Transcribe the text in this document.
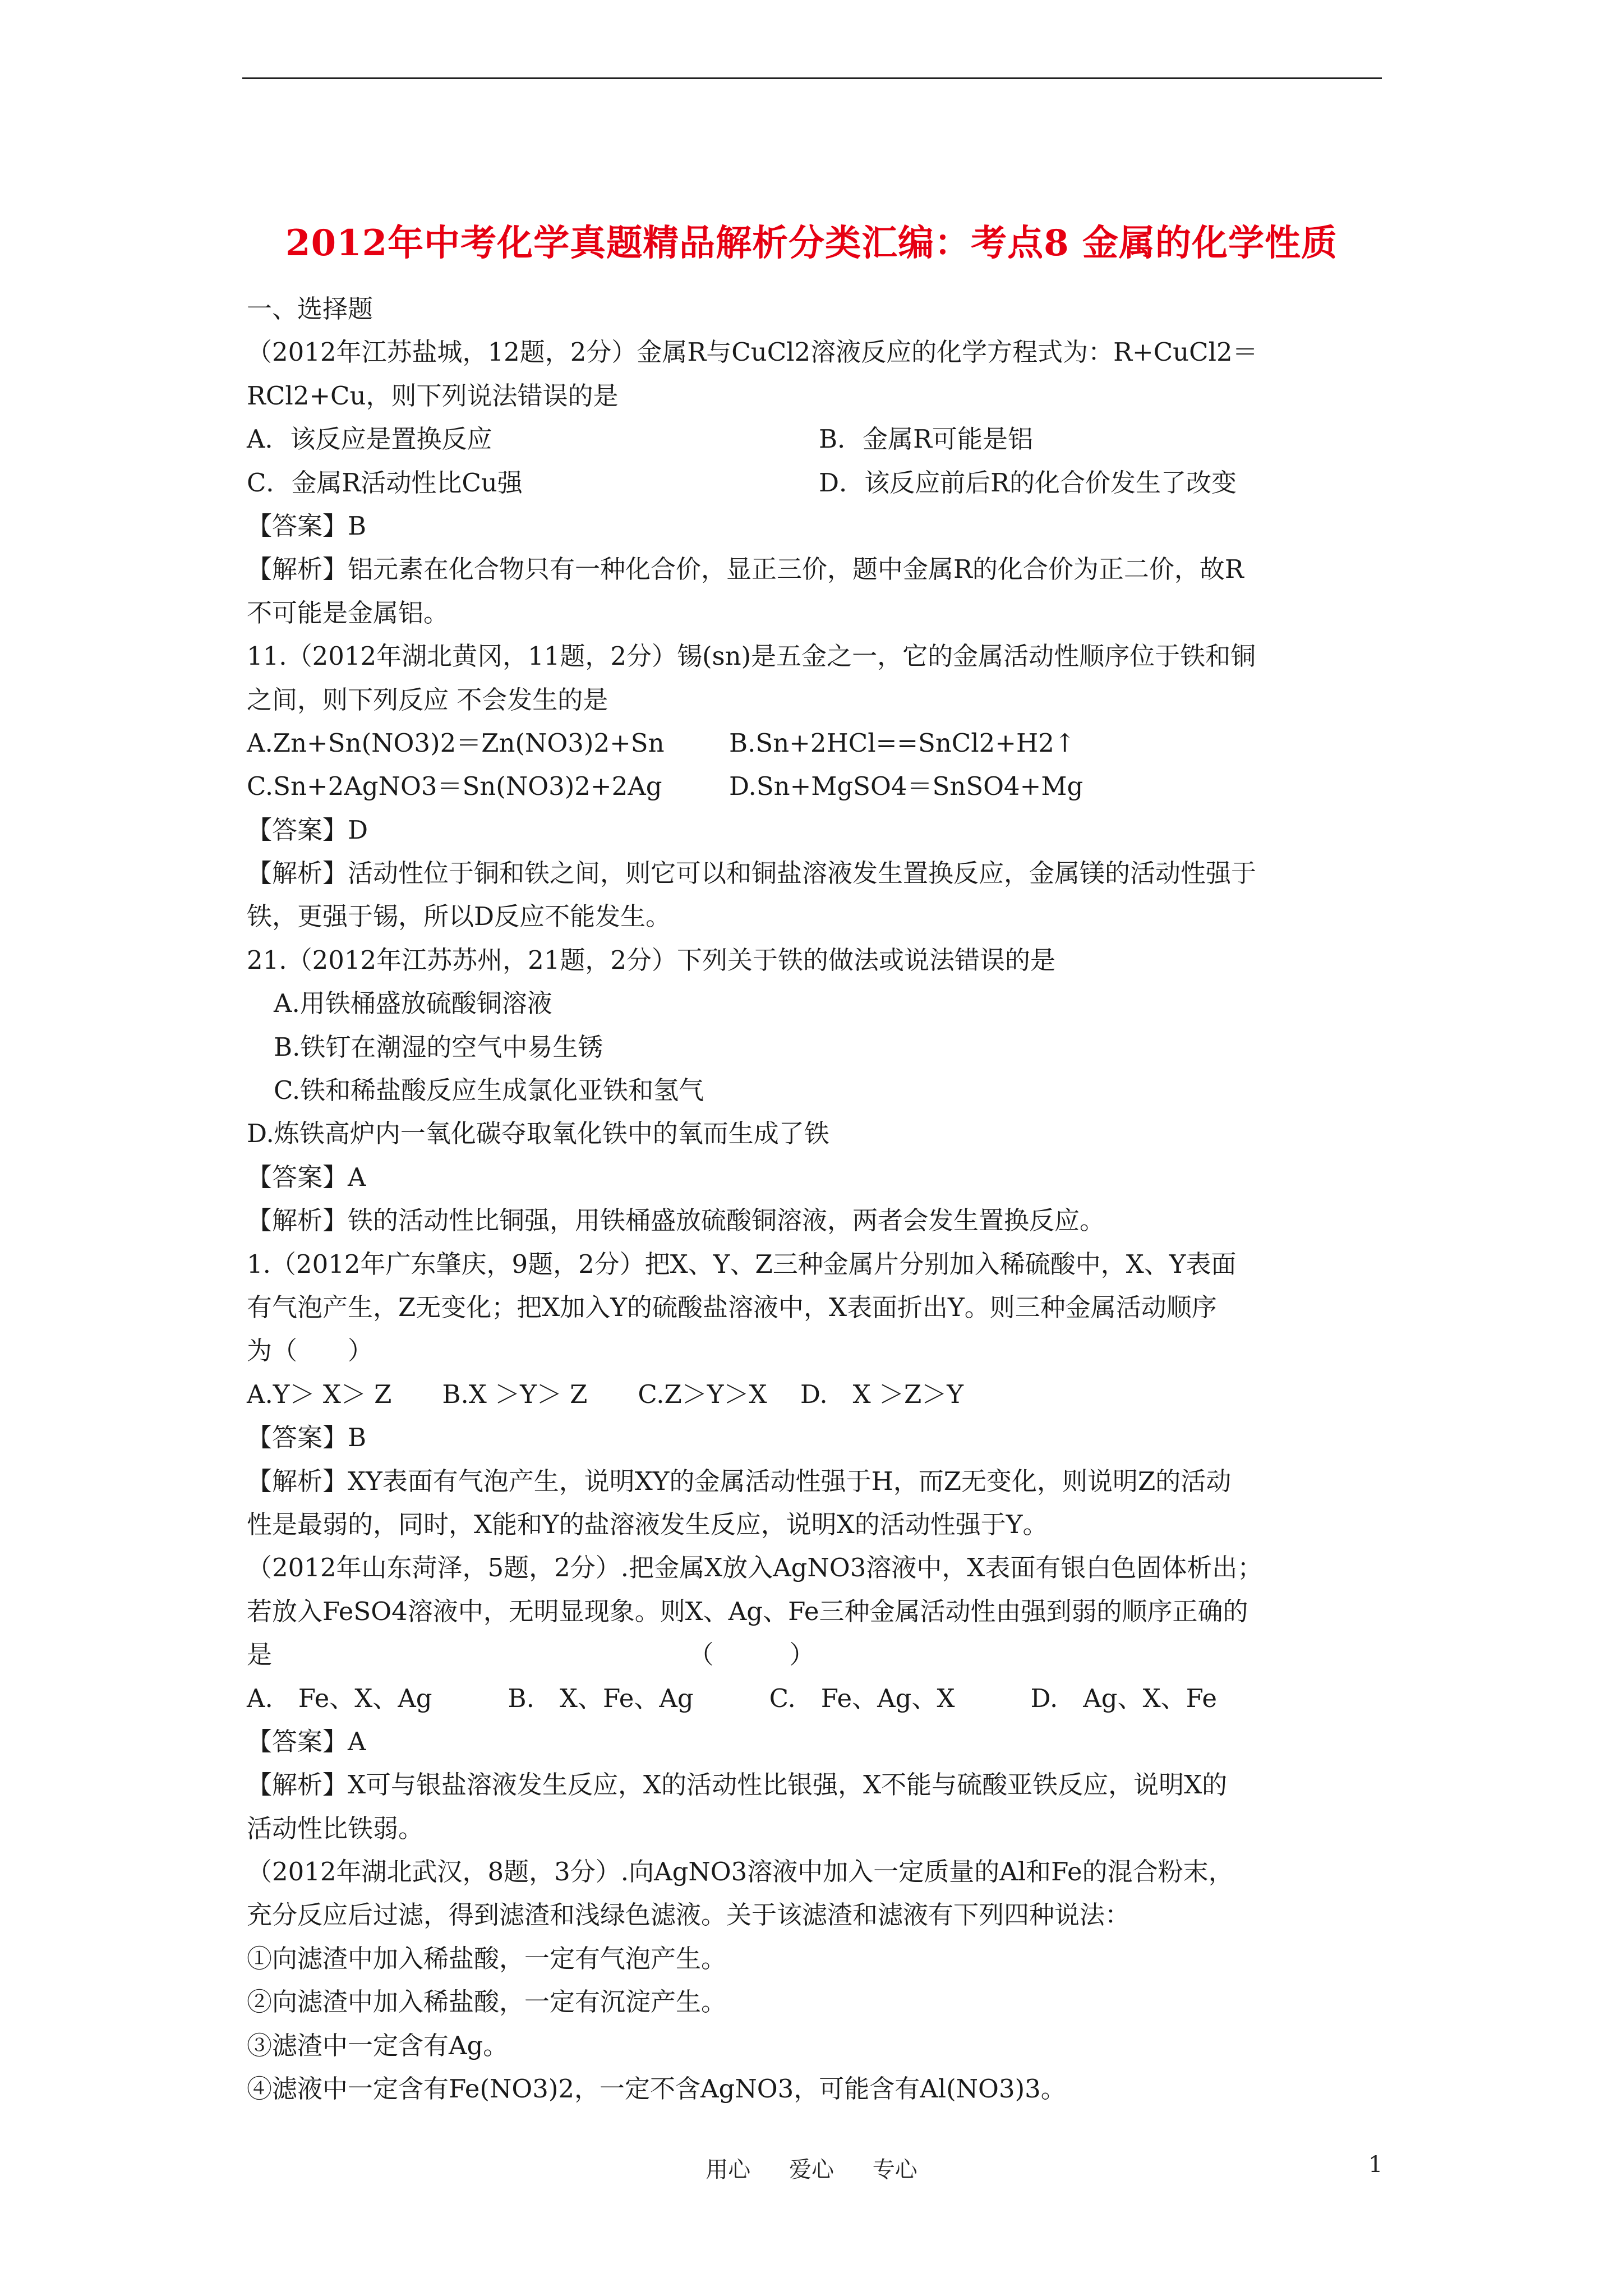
2012年中考化学真题精品解析分类汇编：考点8 金属的化学性质
一、选择题
（2012年江苏盐城，12题，2分）金属R与CuCl2溶液反应的化学方程式为：R+CuCl2＝
RCl2+Cu，则下列说法错误的是
A．该反应是置换反应	B．金属R可能是铝
C．金属R活动性比Cu强	D．该反应前后R的化合价发生了改变
【答案】B
【解析】铝元素在化合物只有一种化合价，显正三价，题中金属R的化合价为正二价，故R
不可能是金属铝。
11.（2012年湖北黄冈，11题，2分）锡(sn)是五金之一，它的金属活动性顺序位于铁和铜
之间，则下列反应 不会发生的是
A.Zn+Sn(NO3)2＝Zn(NO3)2+Sn	B.Sn+2HCl==SnCl2+H2↑
C.Sn+2AgNO3＝Sn(NO3)2+2Ag	D.Sn+MgSO4＝SnSO4+Mg
【答案】D
【解析】活动性位于铜和铁之间，则它可以和铜盐溶液发生置换反应，金属镁的活动性强于
铁，更强于锡，所以D反应不能发生。
21.（2012年江苏苏州，21题，2分）下列关于铁的做法或说法错误的是
A.用铁桶盛放硫酸铜溶液
B.铁钉在潮湿的空气中易生锈
C.铁和稀盐酸反应生成氯化亚铁和氢气
D.炼铁高炉内一氧化碳夺取氧化铁中的氧而生成了铁
【答案】A
【解析】铁的活动性比铜强，用铁桶盛放硫酸铜溶液，两者会发生置换反应。
1.（2012年广东肇庆，9题，2分）把X、Y、Z三种金属片分别加入稀硫酸中，X、Y表面
有气泡产生，Z无变化；把X加入Y的硫酸盐溶液中，X表面折出Y。则三种金属活动顺序
为（　　）
A.Y＞ X＞ Z　　B.X ＞Y＞ Z　　C.Z＞Y＞X　 D.　X ＞Z＞Y
【答案】B
【解析】XY表面有气泡产生，说明XY的金属活动性强于H，而Z无变化，则说明Z的活动
性是最弱的，同时，X能和Y的盐溶液发生反应，说明X的活动性强于Y。
（2012年山东菏泽，5题，2分）.把金属X放入AgNO3溶液中，X表面有银白色固体析出；
若放入FeSO4溶液中，无明显现象。则X、Ag、Fe三种金属活动性由强到弱的顺序正确的
是　　　　　　　　　　　　　　　　　（　　　）
A.　Fe、X、Ag　　　B.　X、Fe、Ag　　　C.　Fe、Ag、X　　　D.　Ag、X、Fe
【答案】A
【解析】X可与银盐溶液发生反应，X的活动性比银强，X不能与硫酸亚铁反应，说明X的
活动性比铁弱。
（2012年湖北武汉，8题，3分）.向AgNO3溶液中加入一定质量的Al和Fe的混合粉末，
充分反应后过滤，得到滤渣和浅绿色滤液。关于该滤渣和滤液有下列四种说法：
①向滤渣中加入稀盐酸，一定有气泡产生。
②向滤渣中加入稀盐酸，一定有沉淀产生。
③滤渣中一定含有Ag。
④滤液中一定含有Fe(NO3)2，一定不含AgNO3，可能含有Al(NO3)3。
用心 爱心 专心	1
